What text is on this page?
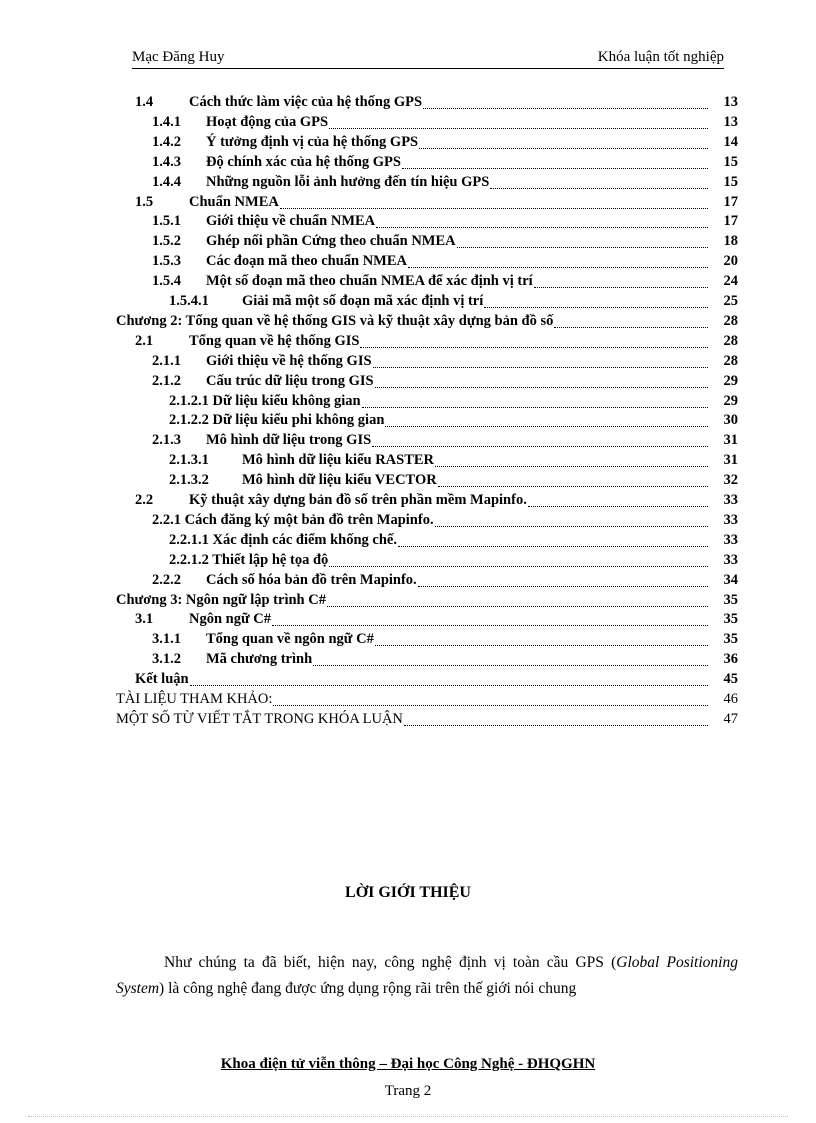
Mạc Đăng Huy	Khóa luận tốt nghiệp
1.4	Cách thức làm việc của hệ thống GPS	13
1.4.1	Hoạt động của GPS	13
1.4.2	Ý tưởng định vị của hệ thống GPS	14
1.4.3	Độ chính xác của hệ thống GPS	15
1.4.4	Những nguồn lỗi ảnh hưởng đến tín hiệu GPS	15
1.5	Chuẩn NMEA	17
1.5.1	Giới thiệu về chuẩn NMEA	17
1.5.2	Ghép nối phần Cứng theo chuẩn NMEA	18
1.5.3	Các đoạn mã theo chuẩn NMEA	20
1.5.4	Một số đoạn mã theo chuẩn NMEA để xác định vị trí	24
1.5.4.1	Giải mã một số đoạn mã xác định vị trí	25
Chương 2: Tổng quan về hệ thống GIS và kỹ thuật xây dựng bản đồ số	28
2.1	Tổng quan về hệ thống GIS	28
2.1.1	Giới thiệu về hệ thống GIS	28
2.1.2	Cấu trúc dữ liệu trong GIS	29
2.1.2.1 Dữ liệu kiểu không gian	29
2.1.2.2 Dữ liệu kiểu phi không gian	30
2.1.3	Mô hình dữ liệu trong GIS	31
2.1.3.1	Mô hình dữ liệu kiểu RASTER	31
2.1.3.2	Mô hình dữ liệu kiểu VECTOR	32
2.2	Kỹ thuật xây dựng bản đồ số trên phần mềm Mapinfo.	33
2.2.1 Cách đăng ký một bản đồ trên Mapinfo.	33
2.2.1.1 Xác định các điểm khống chế.	33
2.2.1.2 Thiết lập hệ tọa độ	33
2.2.2	Cách số hóa bản đồ trên Mapinfo.	34
Chương 3: Ngôn ngữ lập trình C#	35
3.1	Ngôn ngữ C#	35
3.1.1	Tổng quan về ngôn ngữ C#	35
3.1.2	Mã chương trình	36
Kết luận	45
TÀI LIỆU THAM KHẢO:	46
MỘT SỐ TỪ VIẾT TẮT TRONG KHÓA LUẬN	47
LỜI GIỚI THIỆU
Như chúng ta đã biết, hiện nay, công nghệ định vị toàn cầu GPS (Global Positioning System) là công nghệ đang được ứng dụng rộng rãi trên thế giới nói chung
Khoa điện tử viễn thông – Đại học Công Nghệ - ĐHQGHN
Trang 2
